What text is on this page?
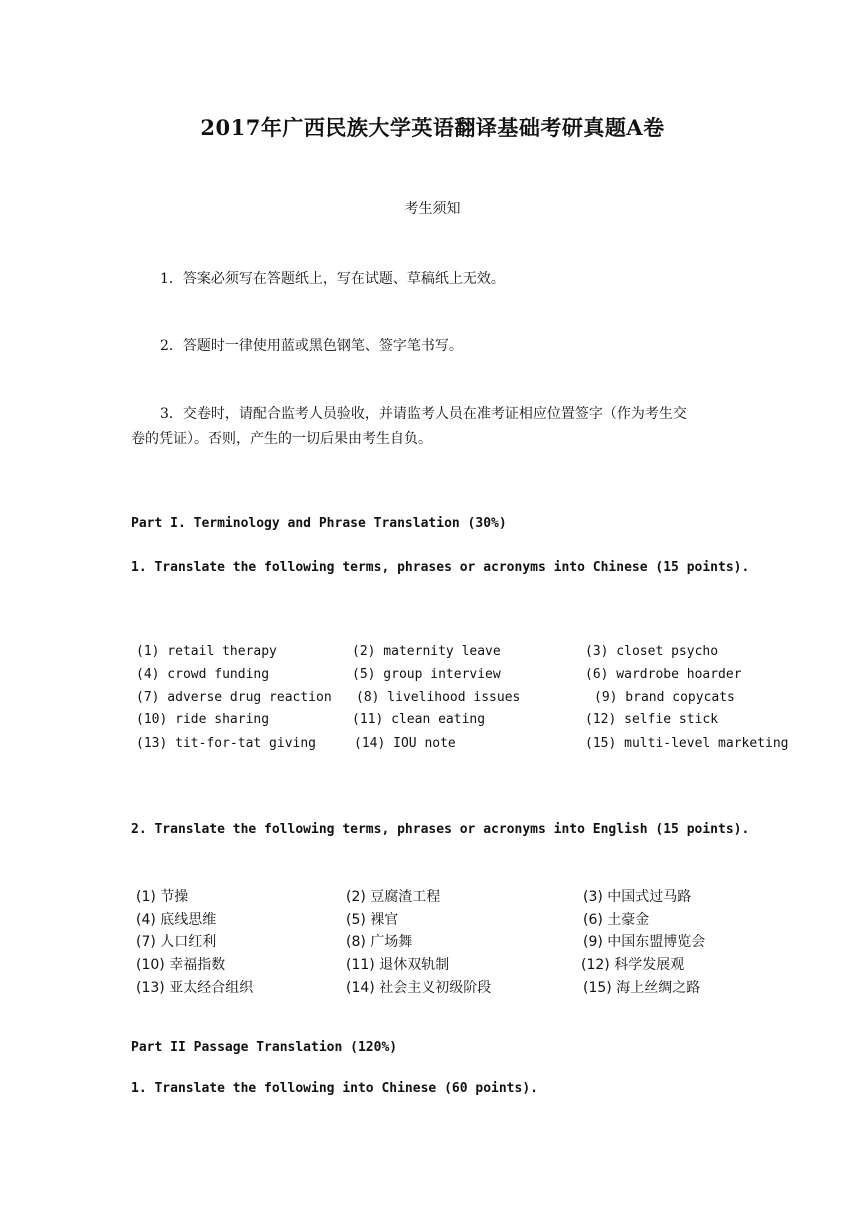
2017年广西民族大学英语翻译基础考研真题A卷
考生须知
1．答案必须写在答题纸上，写在试题、草稿纸上无效。
2．答题时一律使用蓝或黑色钢笔、签字笔书写。
3．交卷时，请配合监考人员验收，并请监考人员在准考证相应位置签字（作为考生交
卷的凭证）。否则，产生的一切后果由考生自负。
Part I. Terminology and Phrase Translation (30%)
1. Translate the following terms, phrases or acronyms into Chinese (15 points).
(1) retail therapy	(2) maternity leave	(3) closet psycho
(4) crowd funding	(5) group interview	(6) wardrobe hoarder
(7) adverse drug reaction (8) livelihood issues	(9) brand copycats
(10) ride sharing	(11) clean eating	(12) selfie stick
(13) tit-for-tat giving	(14) IOU note	(15) multi-level marketing
2. Translate the following terms, phrases or acronyms into English (15 points).
(1) 节操	(2) 豆腐渣工程	(3) 中国式过马路
(4) 底线思维	(5) 裸官	(6) 土豪金
(7) 人口红利	(8) 广场舞	(9) 中国东盟博览会
(10) 幸福指数	(11) 退休双轨制	(12) 科学发展观
(13) 亚太经合组织	(14) 社会主义初级阶段	(15) 海上丝绸之路
Part II Passage Translation (120%)
1. Translate the following into Chinese (60 points).
